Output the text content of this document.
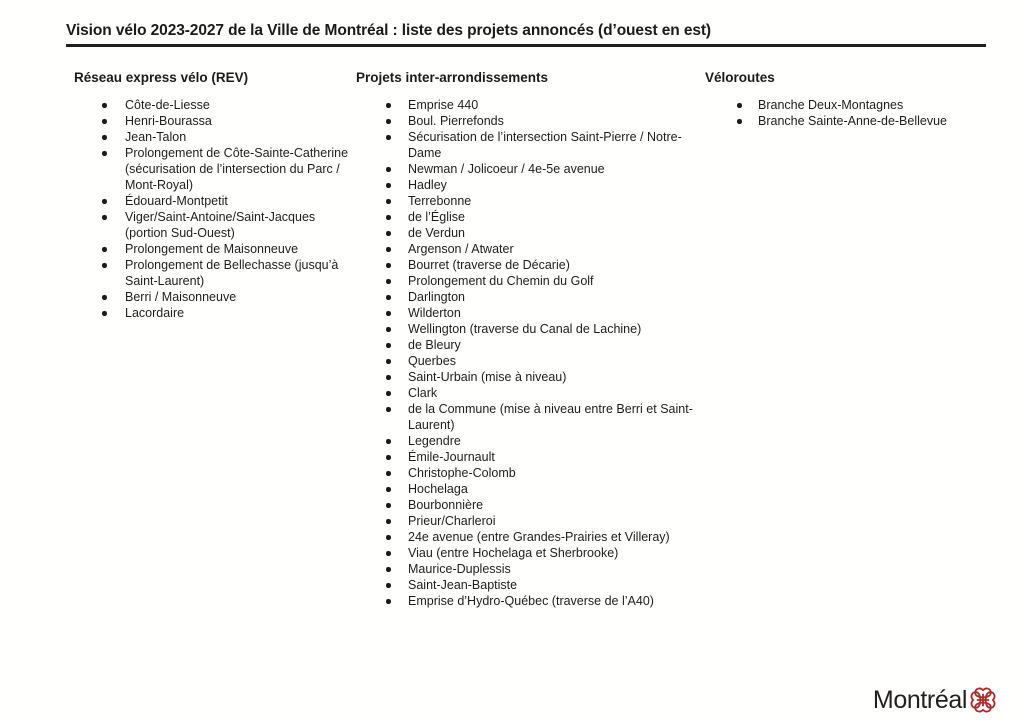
Vision vélo 2023-2027 de la Ville de Montréal : liste des projets annoncés (d’ouest en est)
Réseau express vélo (REV)
Côte-de-Liesse
Henri-Bourassa
Jean-Talon
Prolongement de Côte-Sainte-Catherine (sécurisation de l’intersection du Parc / Mont-Royal)
Édouard-Montpetit
Viger/Saint-Antoine/Saint-Jacques (portion Sud-Ouest)
Prolongement de Maisonneuve
Prolongement de Bellechasse (jusqu’à Saint-Laurent)
Berri / Maisonneuve
Lacordaire
Projets inter-arrondissements
Emprise 440
Boul. Pierrefonds
Sécurisation de l’intersection Saint-Pierre / Notre-Dame
Newman / Jolicoeur / 4e-5e avenue
Hadley
Terrebonne
de l’Église
de Verdun
Argenson / Atwater
Bourret (traverse de Décarie)
Prolongement du Chemin du Golf
Darlington
Wilderton
Wellington (traverse du Canal de Lachine)
de Bleury
Querbes
Saint-Urbain (mise à niveau)
Clark
de la Commune (mise à niveau entre Berri et Saint-Laurent)
Legendre
Émile-Journault
Christophe-Colomb
Hochelaga
Bourbonnière
Prieur/Charleroi
24e avenue (entre Grandes-Prairies et Villeray)
Viau (entre Hochelaga et Sherbrooke)
Maurice-Duplessis
Saint-Jean-Baptiste
Emprise d’Hydro-Québec (traverse de l’A40)
Véloroutes
Branche Deux-Montagnes
Branche Sainte-Anne-de-Bellevue
Montréal
